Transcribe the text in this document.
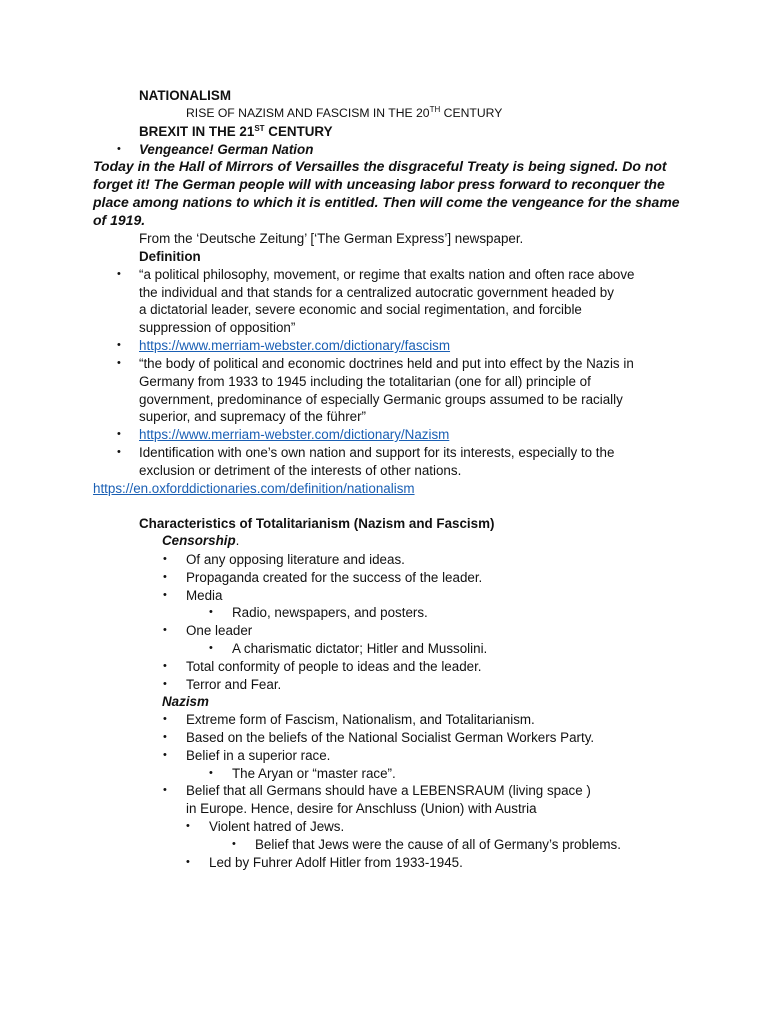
NATIONALISM
RISE OF NAZISM AND FASCISM IN THE 20TH CENTURY
BREXIT IN THE 21ST CENTURY
• Vengeance! German Nation
Today in the Hall of Mirrors of Versailles the disgraceful Treaty is being signed. Do not
forget it! The German people will with unceasing labor press forward to reconquer the
place among nations to which it is entitled. Then will come the vengeance for the shame
of 1919.
From the ‘Deutsche Zeitung’ [‘The German Express’] newspaper.
Definition
• “a political philosophy, movement, or regime that exalts nation and often race above
the individual and that stands for a centralized autocratic government headed by
a dictatorial leader, severe economic and social regimentation, and forcible
suppression of opposition”
• https://www.merriam-webster.com/dictionary/fascism
• “the body of political and economic doctrines held and put into effect by the Nazis in
Germany from 1933 to 1945 including the totalitarian (one for all) principle of
government, predominance of especially Germanic groups assumed to be racially
superior, and supremacy of the führer”
• https://www.merriam-webster.com/dictionary/Nazism
• Identification with one’s own nation and support for its interests, especially to the
exclusion or detriment of the interests of other nations.
https://en.oxforddictionaries.com/definition/nationalism
Characteristics of Totalitarianism (Nazism and Fascism)
Censorship.
• Of any opposing literature and ideas.
• Propaganda created for the success of the leader.
• Media
• Radio, newspapers, and posters.
• One leader
• A charismatic dictator; Hitler and Mussolini.
• Total conformity of people to ideas and the leader.
• Terror and Fear.
Nazism
• Extreme form of Fascism, Nationalism, and Totalitarianism.
• Based on the beliefs of the National Socialist German Workers Party.
• Belief in a superior race.
• The Aryan or “master race”.
• Belief that all Germans should have a LEBENSRAUM (living space )
in Europe. Hence, desire for Anschluss (Union) with Austria
• Violent hatred of Jews.
• Belief that Jews were the cause of all of Germany’s problems.
• Led by Fuhrer Adolf Hitler from 1933-1945.
